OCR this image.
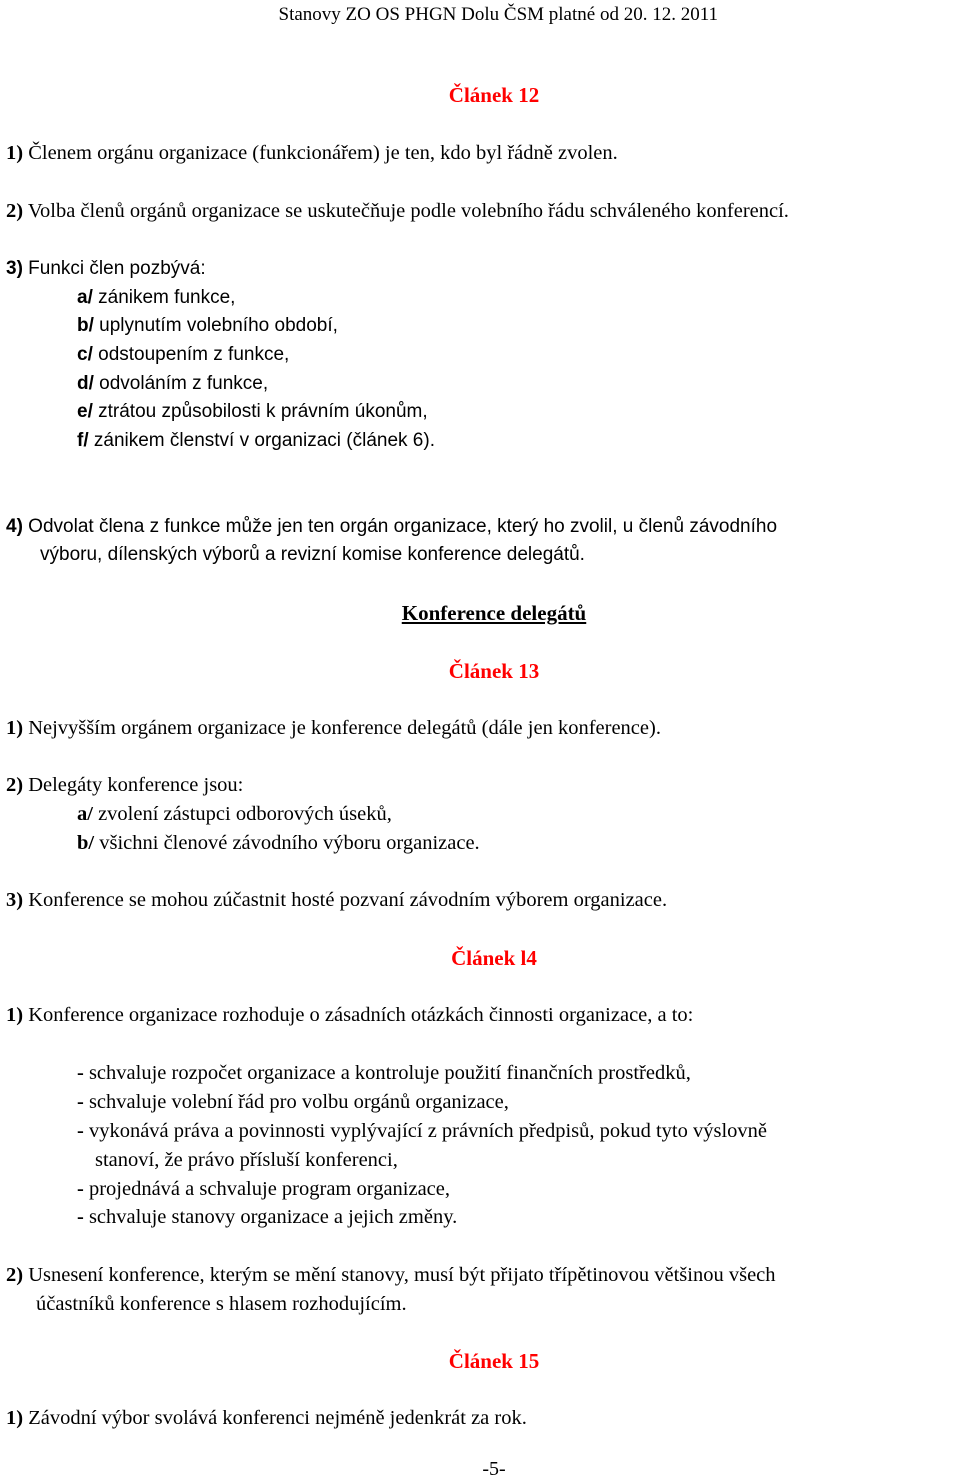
Stanovy ZO OS PHGN Dolu ČSM platné od 20. 12. 2011
Článek 12
1) Členem orgánu organizace (funkcionářem) je ten, kdo byl řádně zvolen.
2) Volba členů orgánů organizace se uskutečňuje podle volebního řádu schváleného konferencí.
3) Funkci člen pozbývá:
a/ zánikem funkce,
b/ uplynutím volebního období,
c/ odstoupením z funkce,
d/ odvoláním z funkce,
e/ ztrátou způsobilosti k právním úkonům,
f/ zánikem členství v organizaci (článek 6).
4) Odvolat člena z funkce může jen ten orgán organizace, který ho zvolil, u členů závodního
výboru, dílenských výborů a revizní komise konference delegátů.
Konference delegátů
Článek 13
1) Nejvyšším orgánem organizace je konference delegátů (dále jen konference).
2) Delegáty konference jsou:
a/ zvolení zástupci odborových úseků,
b/ všichni členové závodního výboru organizace.
3) Konference se mohou zúčastnit hosté pozvaní závodním výborem organizace.
Článek l4
1) Konference organizace rozhoduje o zásadních otázkách činnosti organizace, a to:
- schvaluje rozpočet organizace a kontroluje použití finančních prostředků,
- schvaluje volební řád pro volbu orgánů organizace,
- vykonává práva a povinnosti vyplývající z právních předpisů, pokud tyto výslovně
stanoví, že právo přísluší konferenci,
- projednává a schvaluje program organizace,
- schvaluje stanovy organizace a jejich změny.
2) Usnesení konference, kterým se mění stanovy, musí být přijato třípětinovou většinou všech
účastníků konference s hlasem rozhodujícím.
Článek 15
1) Závodní výbor svolává konferenci nejméně jedenkrát za rok.
-5-
